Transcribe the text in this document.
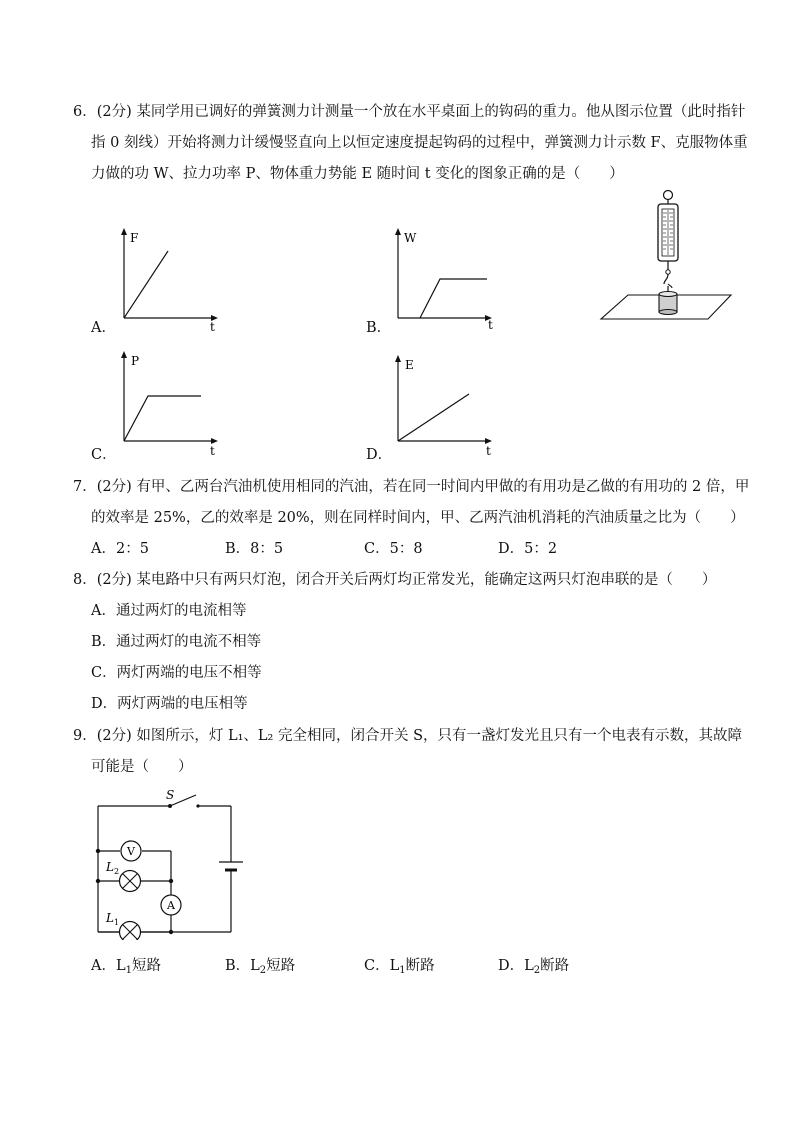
6．(2分) 某同学用已调好的弹簧测力计测量一个放在水平桌面上的钩码的重力。他从图示位置（此时指针
指 0 刻线）开始将测力计缓慢竖直向上以恒定速度提起钩码的过程中，弹簧测力计示数 F、克服物体重
力做的功 W、拉力功率 P、物体重力势能 E 随时间 t 变化的图象正确的是（　　）
F
t
A．
W
t
B．
P
t
C．
E
t
D．
7．(2分) 有甲、乙两台汽油机使用相同的汽油，若在同一时间内甲做的有用功是乙做的有用功的 2 倍，甲
的效率是 25%，乙的效率是 20%，则在同样时间内，甲、乙两汽油机消耗的汽油质量之比为（　　）
A．2：5	B．8：5	C．5：8	D．5：2
8．(2分) 某电路中只有两只灯泡，闭合开关后两灯均正常发光，能确定这两只灯泡串联的是（　　）
A．通过两灯的电流相等
B．通过两灯的电流不相等
C．两灯两端的电压不相等
D．两灯两端的电压相等
9．(2分) 如图所示，灯 L₁、L₂ 完全相同，闭合开关 S，只有一盏灯发光且只有一个电表有示数，其故障
可能是（　　）
V
A
S
L 2
L 1
A．$L_1$短路	B．$L_2$短路	C．$L_1$断路	D．$L_2$断路
